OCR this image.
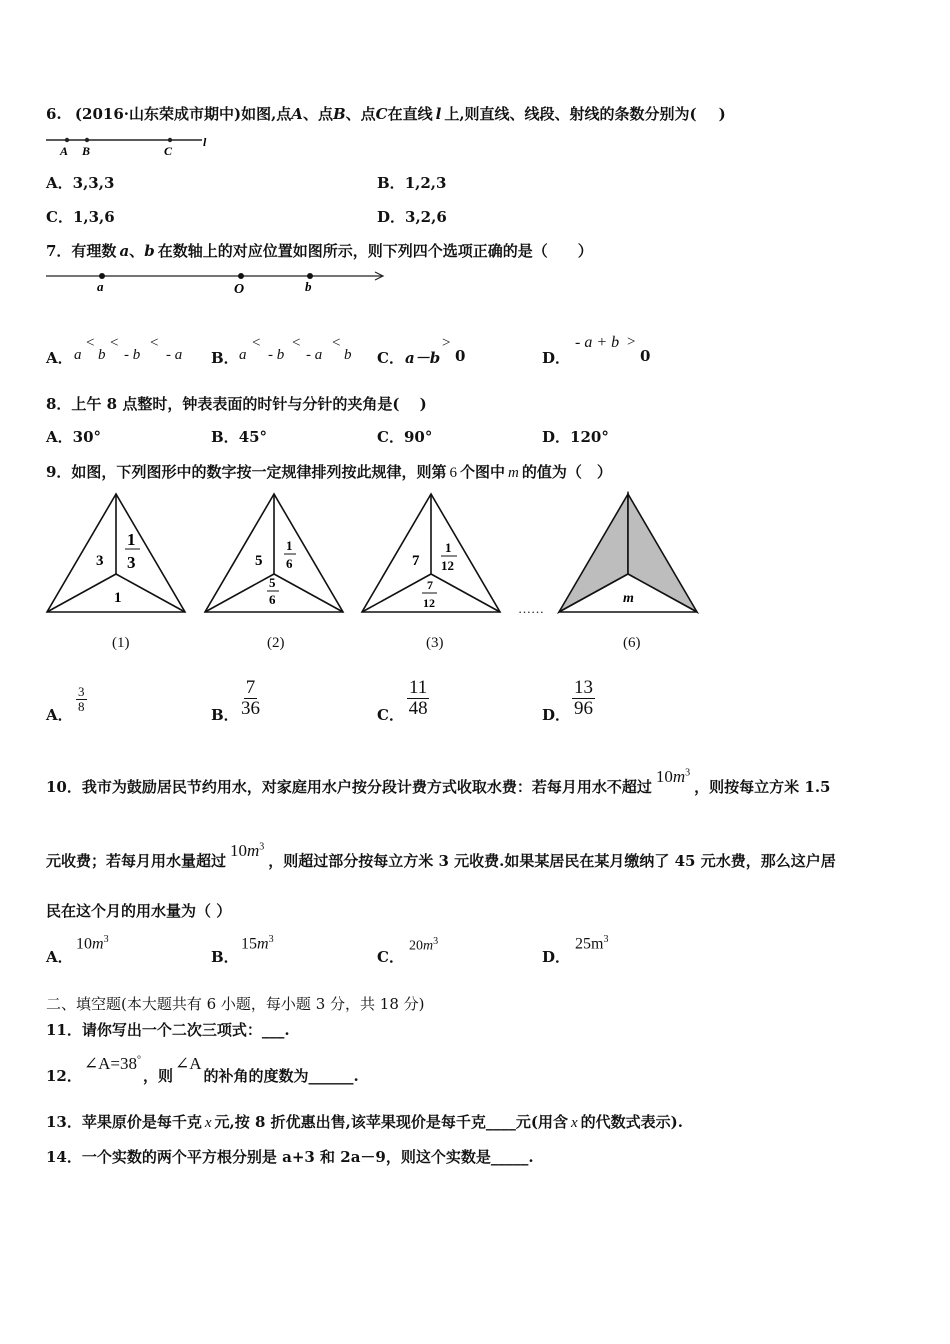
6. (2016·山东荣成市期中)如图,点A、点B、点C在直线 l 上,则直线、线段、射线的条数分别为( )
A B	C
l
A．3,3,3	B．1,2,3
C．1,3,6	D．3,2,6
7．有理数 a、b 在数轴上的对应位置如图所示，则下列四个选项正确的是（　　）
a	O	b
A． a
<
b
<
- b
<
- a B． a
<
- b
<
- a
<
b C． a－b
>
0	D．
- a + b >
0
8．上午 8 点整时，钟表表面的时针与分针的夹角是(　 )
A．30°	B．45°	C．90°	D．120°
9．如图，下列图形中的数字按一定规律排列按此规律，则第 6 个图中 m 的值为（　）
3
1
3
1
5
1
6
5
6
7
1
12
7
12	……
m
(1)	(2)	(3)	(6)
A．
$\frac{3}{8}$
B． $\frac{7}{36}$	C． $\frac{11}{48}$	D． $\frac{13}{96}$
10．我市为鼓励居民节约用水，对家庭用水户按分段计费方式收取水费：若每月用水不超过$10m^3$，则按每立方米 1.5
元收费；若每月用水量超过$10m^3$，则超过部分按每立方米 3 元收费.如果某居民在某月缴纳了 45 元水费，那么这户居
民在这个月的用水量为（ ）
A．
$10m^3$
B．
$15m^3$
C．
$20m^3$
D．
$25m^3$
二、填空题(本大题共有 6 小题，每小题 3 分，共 18 分)
11．请你写出一个二次三项式：___.
12．∠A=38°，则∠A的补角的度数为______.
13．苹果原价是每千克 x 元,按 8 折优惠出售,该苹果现价是每千克____元(用含 x 的代数式表示).
14．一个实数的两个平方根分别是 a+3 和 2a－9，则这个实数是_____.
